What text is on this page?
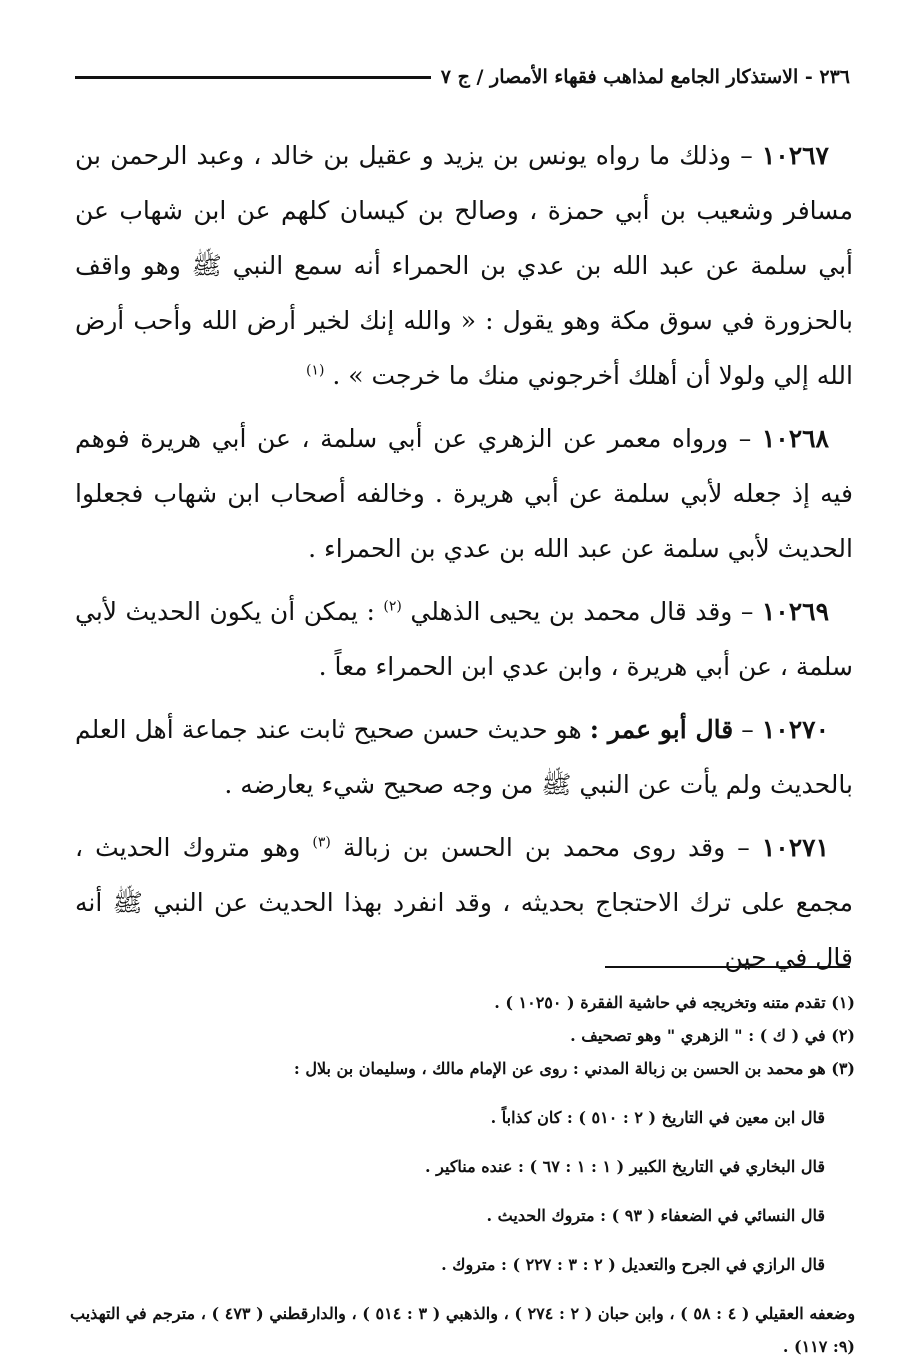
٢٣٦ - الاستذكار الجامع لمذاهب فقهاء الأمصار / ج ٧

١٠٢٦٧ – وذلك ما رواه يونس بن يزيد و عقيل بن خالد ، وعبد الرحمن بن مسافر وشعيب بن أبي حمزة ، وصالح بن كيسان كلهم عن ابن شهاب عن أبي سلمة عن عبد الله بن عدي بن الحمراء أنه سمع النبي ﷺ وهو واقف بالحزورة في سوق مكة وهو يقول : « والله إنك لخير أرض الله وأحب أرض الله إلي ولولا أن أهلك أخرجوني منك ما خرجت » . $^{(١)}$

١٠٢٦٨ – ورواه معمر عن الزهري عن أبي سلمة ، عن أبي هريرة فوهم فيه إذ جعله لأبي سلمة عن أبي هريرة . وخالفه أصحاب ابن شهاب فجعلوا الحديث لأبي سلمة عن عبد الله بن عدي بن الحمراء .

١٠٢٦٩ – وقد قال محمد بن يحيى الذهلي $^{(٢)}$ : يمكن أن يكون الحديث لأبي سلمة ، عن أبي هريرة ، وابن عدي ابن الحمراء معاً .

١٠٢٧٠ – قال أبو عمر : هو حديث حسن صحيح ثابت عند جماعة أهل العلم بالحديث ولم يأت عن النبي ﷺ من وجه صحيح شيء يعارضه .

١٠٢٧١ – وقد روى محمد بن الحسن بن زبالة $^{(٣)}$ وهو متروك الحديث ، مجمع على ترك الاحتجاج بحديثه ، وقد انفرد بهذا الحديث عن النبي ﷺ أنه قال في حين

(١) تقدم متنه وتخريجه في حاشية الفقرة ( ١٠٢٥٠ ) .

(٢) في ( ك ) : " الزهري " وهو تصحيف .

(٣) هو محمد بن الحسن بن زبالة المدني : روى عن الإمام مالك ، وسليمان بن بلال :

قال ابن معين في التاريخ ( ٢ : ٥١٠ ) : كان كذاباً .

قال البخاري في التاريخ الكبير ( ١ : ١ : ٦٧ ) : عنده مناكير .

قال النسائي في الضعفاء ( ٩٣ ) : متروك الحديث .

قال الرازي في الجرح والتعديل ( ٢ : ٣ : ٢٢٧ ) : متروك .

وضعفه العقيلي ( ٤ : ٥٨ ) ، وابن حبان ( ٢ : ٢٧٤ ) ، والذهبي ( ٣ : ٥١٤ ) ، والدارقطني ( ٤٧٣ ) ، مترجم في التهذيب (٩: ١١٧) .
